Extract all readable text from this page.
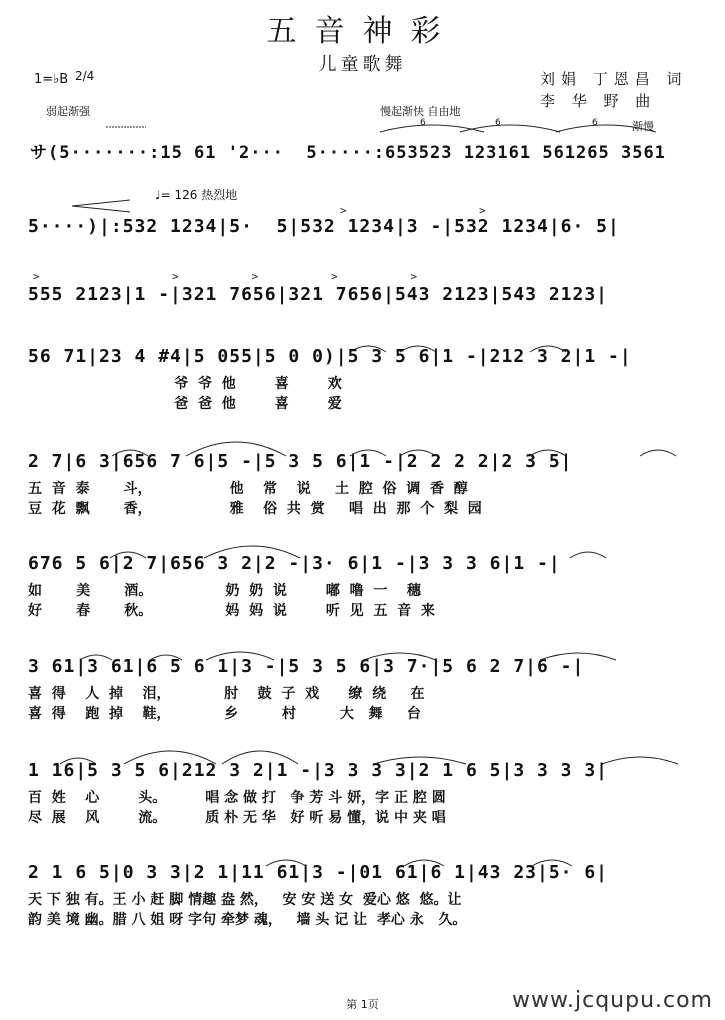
五音神彩
儿童歌舞
刘娟 丁恩昌 词
李 华 野 曲
1=♭B 2/4
弱起渐强	慢起渐快 自由地
渐慢
6	6	6
サ(5·······:15 61 '2···  5·····:653523 123161 561265 3561
♩= 126 热烈地
5····)|:532 1234|5·  5|532 1234|3 -|532 1234|6· 5|
>                    >
555 2123|1 -|321 7656|321 7656|543 2123|543 2123|
>                    >           >           >           >
56 71|23 4 #4|5 055|5 0 0)|5 3 5 6|1 -|212 3 2|1 -|
爷  爷  他        喜        欢
爸  爸  他        喜        爱
2 7|6 3|656 7 6|5 -|5 3 5 6|1 -|2 2 2 2|2 3 5|
五  音  泰       斗，                他    常    说     土  腔  俗  调  香  醇
豆  花  飘       香，                雅    俗  共  赏     唱  出  那  个  梨  园
676 5 6|2 7|656 3 2|2 -|3· 6|1 -|3 3 3 6|1 -|
如       美       酒。               奶  奶  说        嘟  噜  一    穗
好       春       秋。               妈  妈  说        听  见  五  音  来
3 61|3 61|6 5 6 1|3 -|5 3 5 6|3 7·|5 6 2 7|6 -|
喜  得    人  掉    泪，           肘    鼓  子  戏      缭  绕     在
喜  得    跑  掉    鞋，           乡         村         大   舞     台
1 16|5 3 5 6|212 3 2|1 -|3 3 3 3|2 1 6 5|3 3 3 3|
百  姓    心        头。        唱 念 做 打   争 芳 斗 妍，字 正 腔 圆
尽  展    风        流。        质 朴 无 华   好 听 易 懂，说 中 夹 唱
2 1 6 5|0 3 3|2 1|11 61|3 -|01 61|6 1|43 23|5· 6|
天 下 独 有。王 小 赶 脚 情趣 盎 然，   安 安 送 女  爱心 悠  悠。让
韵 美 境 幽。腊 八 姐 呀 字句 牵梦 魂，   墙 头 记 让  孝心 永   久。
第 1页	www.jcqupu.com
